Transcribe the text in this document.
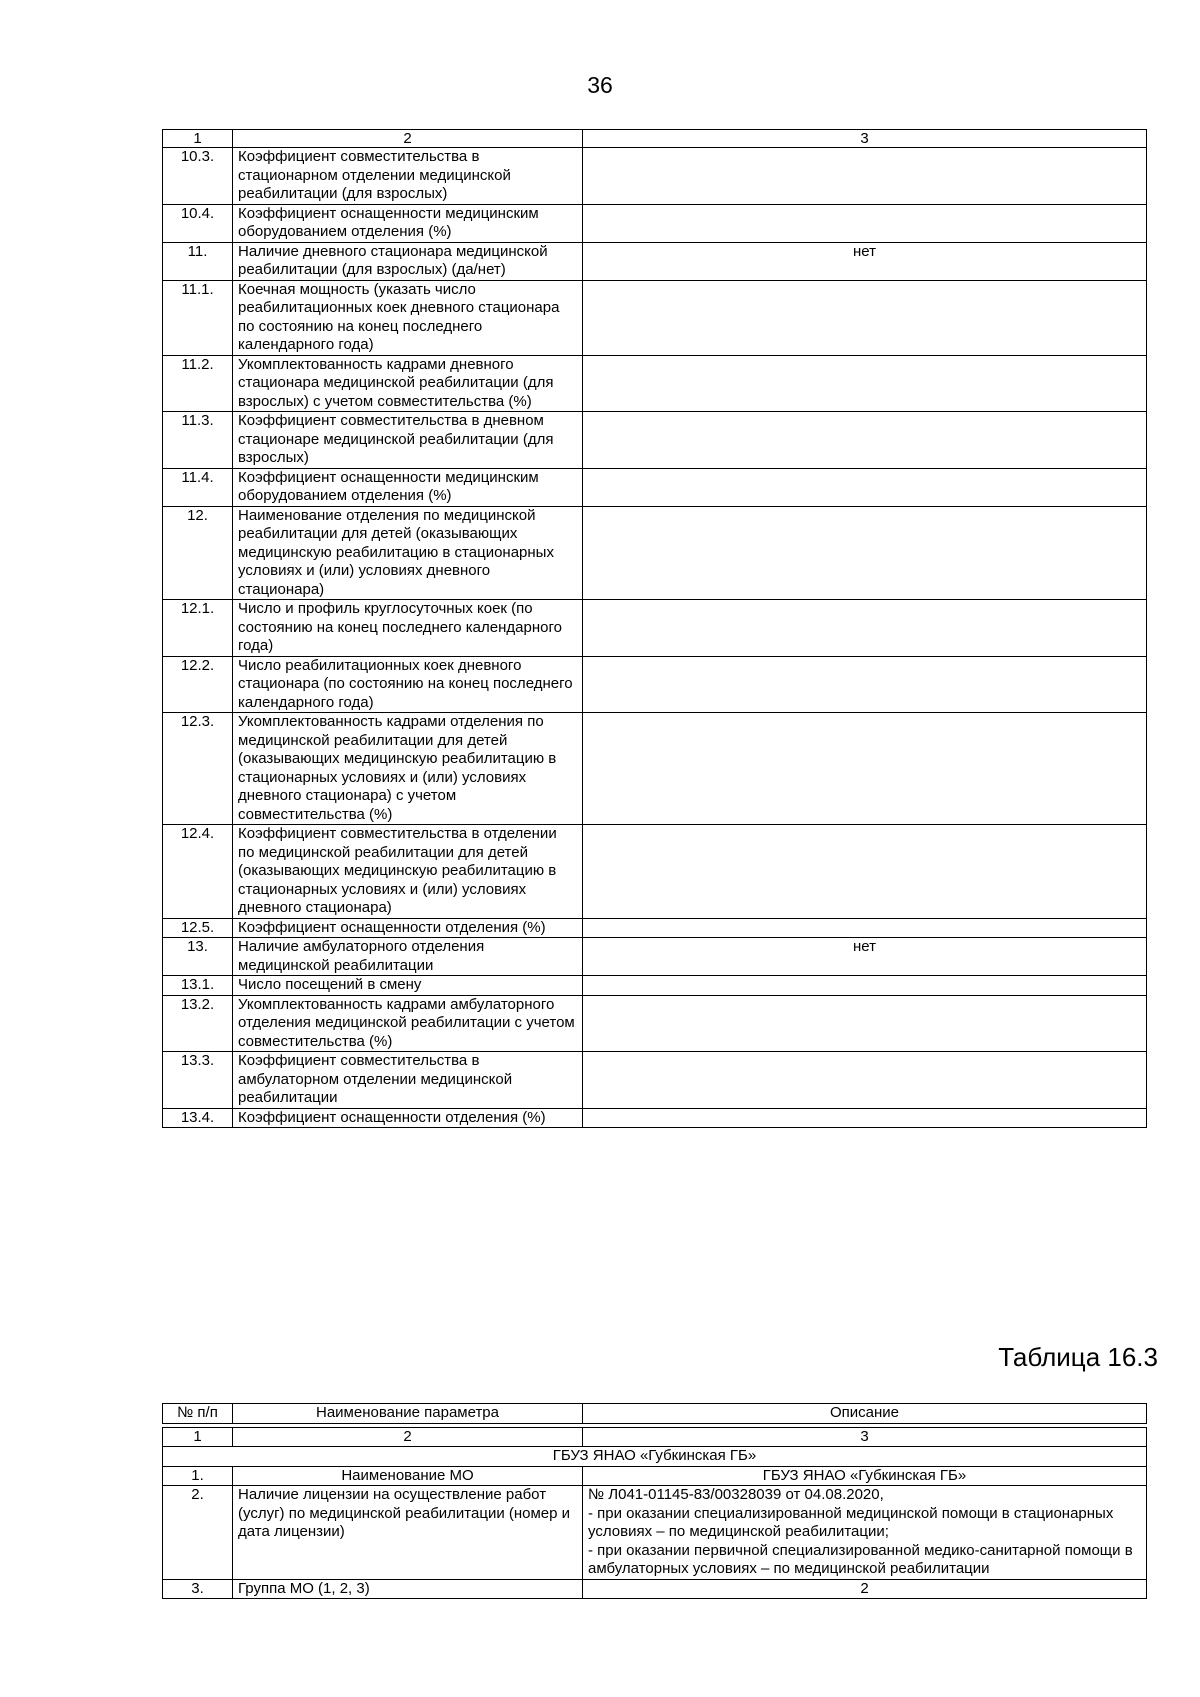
36
1	2	3
10.3.	Коэффициент совместительства в стационарном отделении медицинской реабилитации (для взрослых)	
10.4.	Коэффициент оснащенности медицинским оборудованием отделения (%)	
11.	Наличие дневного стационара медицинской реабилитации (для взрослых) (да/нет)	нет
11.1.	Коечная мощность (указать число реабилитационных коек дневного стационара по состоянию на конец последнего календарного года)	
11.2.	Укомплектованность кадрами дневного стационара медицинской реабилитации (для взрослых) с учетом совместительства (%)	
11.3.	Коэффициент совместительства в дневном стационаре медицинской реабилитации (для взрослых)	
11.4.	Коэффициент оснащенности медицинским оборудованием отделения (%)	
12.	Наименование отделения по медицинской реабилитации для детей (оказывающих медицинскую реабилитацию в стационарных условиях и (или) условиях дневного стационара)	
12.1.	Число и профиль круглосуточных коек (по состоянию на конец последнего календарного года)	
12.2.	Число реабилитационных коек дневного стационара (по состоянию на конец последнего календарного года)	
12.3.	Укомплектованность кадрами отделения по медицинской реабилитации для детей (оказывающих медицинскую реабилитацию в стационарных условиях и (или) условиях дневного стационара) с учетом совместительства (%)	
12.4.	Коэффициент совместительства в отделении по медицинской реабилитации для детей (оказывающих медицинскую реабилитацию в стационарных условиях и (или) условиях дневного стационара)	
12.5.	Коэффициент оснащенности отделения (%)	
13.	Наличие амбулаторного отделения медицинской реабилитации	нет
13.1.	Число посещений в смену	
13.2.	Укомплектованность кадрами амбулаторного отделения медицинской реабилитации с учетом совместительства (%)	
13.3.	Коэффициент совместительства в амбулаторном отделении медицинской реабилитации	
13.4.	Коэффициент оснащенности отделения (%)	
Таблица 16.3
№ п/п	Наименование параметра	Описание

1	2	3
ГБУЗ ЯНАО «Губкинская ГБ»		
1.	Наименование МО	ГБУЗ ЯНАО «Губкинская ГБ»

2.	Наличие лицензии на осуществление работ (услуг) по медицинской реабилитации (номер и дата лицензии)	№ Л041-01145-83/00328039 от 04.08.2020,
- при оказании специализированной медицинской помощи в стационарных условиях – по медицинской реабилитации;
- при оказании первичной специализированной медико-санитарной помощи в амбулаторных условиях – по медицинской реабилитации

3.	Группа МО (1, 2, 3)	2
